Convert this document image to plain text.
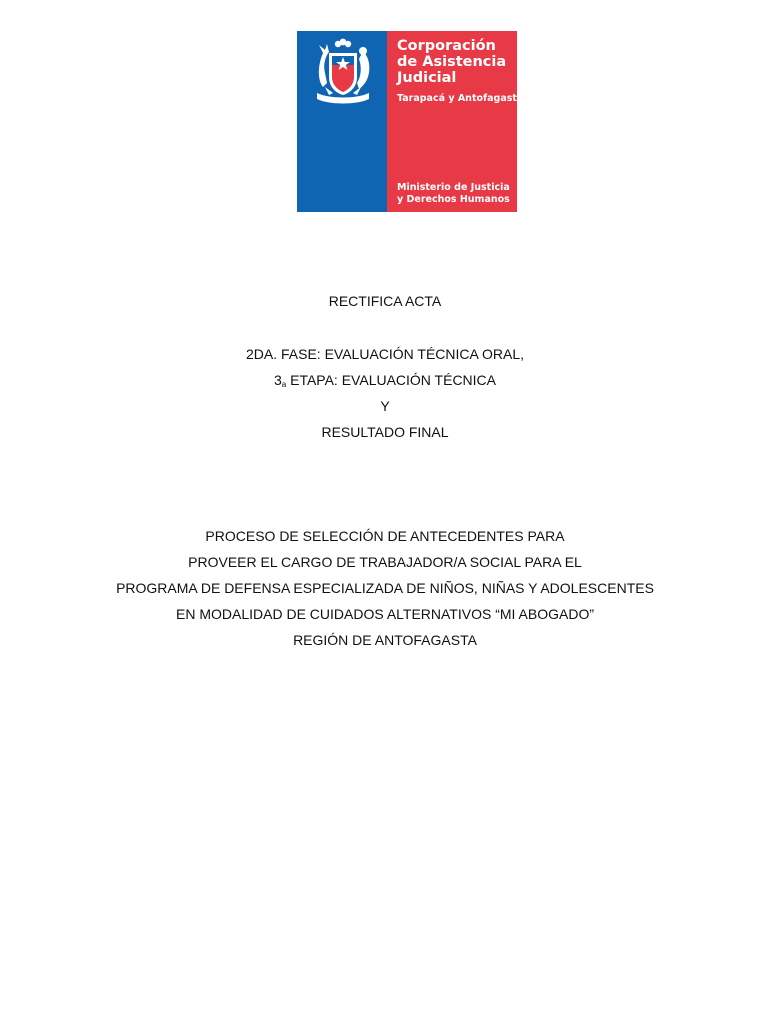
Corporación
de Asistencia
Judicial
Tarapacá y Antofagasta
Ministerio de Justicia
y Derechos Humanos
RECTIFICA ACTA
2DA. FASE: EVALUACIÓN TÉCNICA ORAL,
$3_a$ ETAPA: EVALUACIÓN TÉCNICA
Y
RESULTADO FINAL
PROCESO DE SELECCIÓN DE ANTECEDENTES PARA
PROVEER EL CARGO DE TRABAJADOR/A SOCIAL PARA EL
PROGRAMA DE DEFENSA ESPECIALIZADA DE NIÑOS, NIÑAS Y ADOLESCENTES
EN MODALIDAD DE CUIDADOS ALTERNATIVOS “MI ABOGADO”
REGIÓN DE ANTOFAGASTA
